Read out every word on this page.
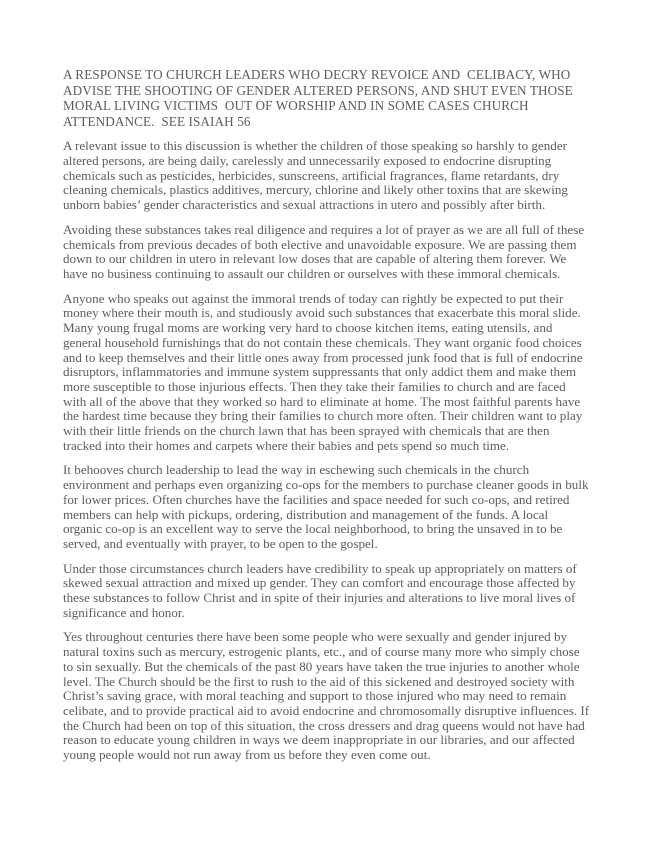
A RESPONSE TO CHURCH LEADERS WHO DECRY REVOICE AND  CELIBACY, WHO ADVISE THE SHOOTING OF GENDER ALTERED PERSONS, AND SHUT EVEN THOSE MORAL LIVING VICTIMS  OUT OF WORSHIP AND IN SOME CASES CHURCH ATTENDANCE.  SEE ISAIAH 56

A relevant issue to this discussion is whether the children of those speaking so harshly to gender altered persons, are being daily, carelessly and unnecessarily exposed to endocrine disrupting chemicals such as pesticides, herbicides, sunscreens, artificial fragrances, flame retardants, dry cleaning chemicals, plastics additives, mercury, chlorine and likely other toxins that are skewing unborn babies’ gender characteristics and sexual attractions in utero and possibly after birth.

Avoiding these substances takes real diligence and requires a lot of prayer as we are all full of these chemicals from previous decades of both elective and unavoidable exposure. We are passing them down to our children in utero in relevant low doses that are capable of altering them forever. We have no business continuing to assault our children or ourselves with these immoral chemicals.

Anyone who speaks out against the immoral trends of today can rightly be expected to put their money where their mouth is, and studiously avoid such substances that exacerbate this moral slide. Many young frugal moms are working very hard to choose kitchen items, eating utensils, and general household furnishings that do not contain these chemicals. They want organic food choices and to keep themselves and their little ones away from processed junk food that is full of endocrine disruptors, inflammatories and immune system suppressants that only addict them and make them more susceptible to those injurious effects. Then they take their families to church and are faced with all of the above that they worked so hard to eliminate at home. The most faithful parents have the hardest time because they bring their families to church more often. Their children want to play with their little friends on the church lawn that has been sprayed with chemicals that are then tracked into their homes and carpets where their babies and pets spend so much time.

It behooves church leadership to lead the way in eschewing such chemicals in the church environment and perhaps even organizing co-ops for the members to purchase cleaner goods in bulk for lower prices. Often churches have the facilities and space needed for such co-ops, and retired members can help with pickups, ordering, distribution and management of the funds. A local organic co-op is an excellent way to serve the local neighborhood, to bring the unsaved in to be served, and eventually with prayer, to be open to the gospel.

Under those circumstances church leaders have credibility to speak up appropriately on matters of skewed sexual attraction and mixed up gender. They can comfort and encourage those affected by these substances to follow Christ and in spite of their injuries and alterations to live moral lives of significance and honor.

Yes throughout centuries there have been some people who were sexually and gender injured by natural toxins such as mercury, estrogenic plants, etc., and of course many more who simply chose to sin sexually. But the chemicals of the past 80 years have taken the true injuries to another whole level. The Church should be the first to rush to the aid of this sickened and destroyed society with Christ’s saving grace, with moral teaching and support to those injured who may need to remain celibate, and to provide practical aid to avoid endocrine and chromosomally disruptive influences. If the Church had been on top of this situation, the cross dressers and drag queens would not have had reason to educate young children in ways we deem inappropriate in our libraries, and our affected young people would not run away from us before they even come out.
